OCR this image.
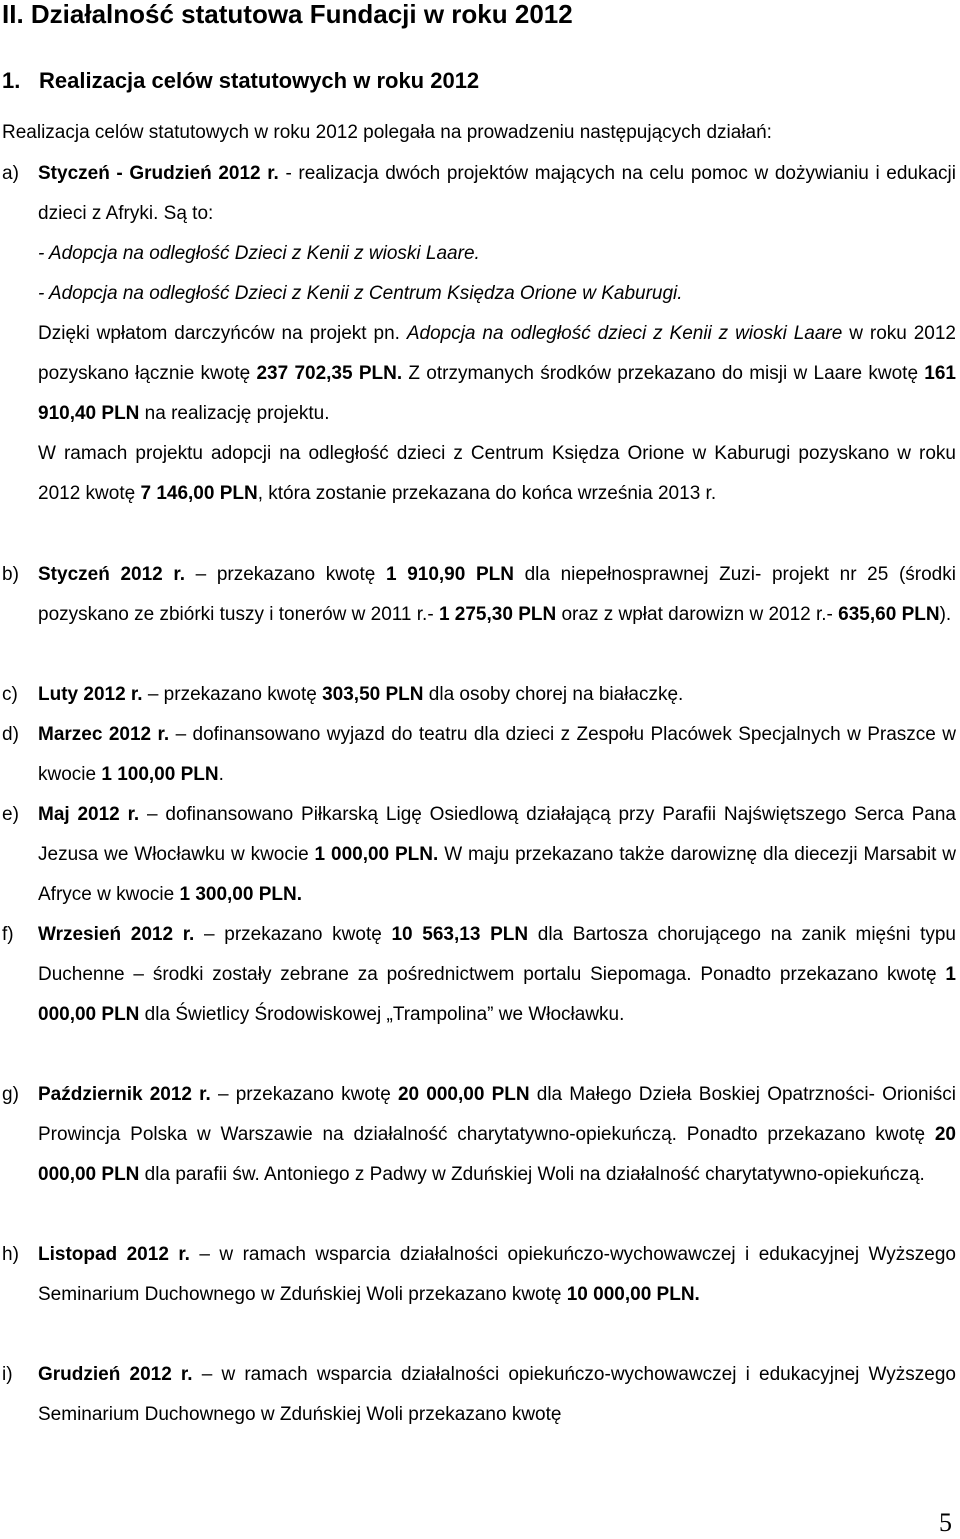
II. Działalność statutowa Fundacji w roku 2012
1. Realizacja celów statutowych w roku 2012
Realizacja celów statutowych w roku 2012 polegała na prowadzeniu następujących działań:
a) Styczeń - Grudzień 2012 r. - realizacja dwóch projektów mających na celu pomoc w dożywianiu i edukacji dzieci z Afryki. Są to:

- Adopcja na odległość Dzieci z Kenii z wioski Laare.

- Adopcja na odległość Dzieci z Kenii z Centrum Księdza Orione w Kaburugi.

Dzięki wpłatom darczyńców na projekt pn. Adopcja na odległość dzieci z Kenii z wioski Laare w roku 2012 pozyskano łącznie kwotę 237 702,35 PLN. Z otrzymanych środków przekazano do misji w Laare kwotę 161 910,40 PLN na realizację projektu.

W ramach projektu adopcji na odległość dzieci z Centrum Księdza Orione w Kaburugi pozyskano w roku 2012 kwotę 7 146,00 PLN, która zostanie przekazana do końca września 2013 r.

b) Styczeń 2012 r. – przekazano kwotę 1 910,90 PLN dla niepełnosprawnej Zuzi- projekt nr 25 (środki pozyskano ze zbiórki tuszy i tonerów w 2011 r.- 1 275,30 PLN oraz z wpłat darowizn w 2012 r.- 635,60 PLN).

c) Luty 2012 r. – przekazano kwotę 303,50 PLN dla osoby chorej na białaczkę.

d) Marzec 2012 r. – dofinansowano wyjazd do teatru dla dzieci z Zespołu Placówek Specjalnych w Praszce w kwocie 1 100,00 PLN.

e) Maj 2012 r. – dofinansowano Piłkarską Ligę Osiedlową działającą przy Parafii Najświętszego Serca Pana Jezusa we Włocławku w kwocie 1 000,00 PLN. W maju przekazano także darowiznę dla diecezji Marsabit w Afryce w kwocie 1 300,00 PLN.

f) Wrzesień 2012 r. – przekazano kwotę 10 563,13 PLN dla Bartosza chorującego na zanik mięśni typu Duchenne – środki zostały zebrane za pośrednictwem portalu Siepomaga. Ponadto przekazano kwotę 1 000,00 PLN dla Świetlicy Środowiskowej „Trampolina” we Włocławku.

g) Październik 2012 r. – przekazano kwotę 20 000,00 PLN dla Małego Dzieła Boskiej Opatrzności- Orioniści Prowincja Polska w Warszawie na działalność charytatywno-opiekuńczą. Ponadto przekazano kwotę 20 000,00 PLN dla parafii św. Antoniego z Padwy w Zduńskiej Woli na działalność charytatywno-opiekuńczą.

h) Listopad 2012 r. – w ramach wsparcia działalności opiekuńczo-wychowawczej i edukacyjnej Wyższego Seminarium Duchownego w Zduńskiej Woli przekazano kwotę 10 000,00 PLN.

i) Grudzień 2012 r. – w ramach wsparcia działalności opiekuńczo-wychowawczej i edukacyjnej Wyższego Seminarium Duchownego w Zduńskiej Woli przekazano kwotę

5
